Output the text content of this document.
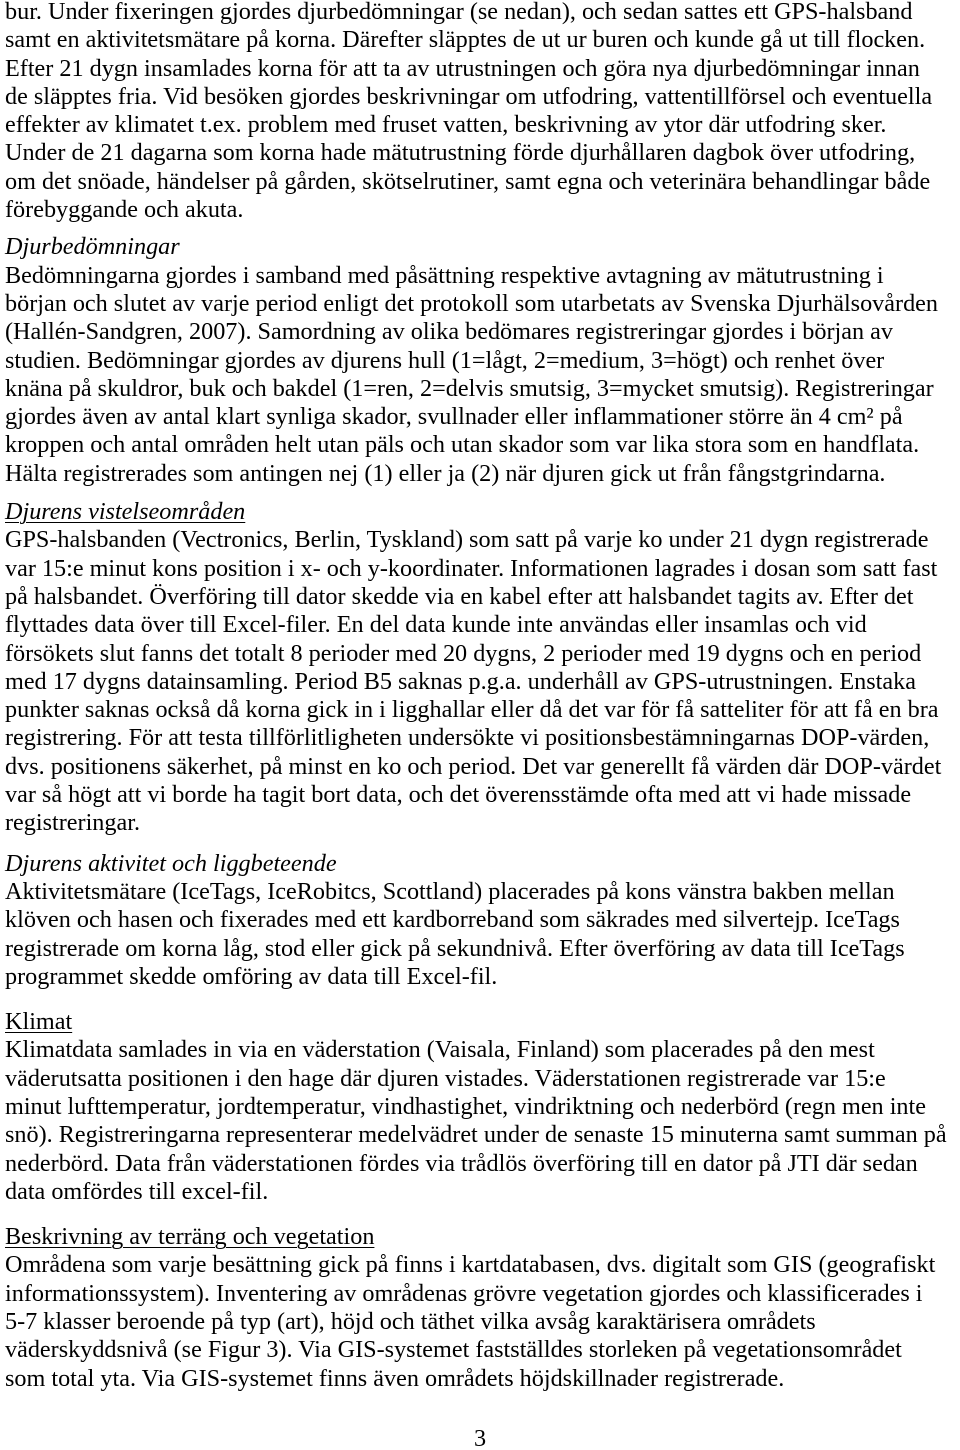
bur. Under fixeringen gjordes djurbedömningar (se nedan), och sedan sattes ett GPS-halsband
samt en aktivitetsmätare på korna. Därefter släpptes de ut ur buren och kunde gå ut till flocken.
Efter 21 dygn insamlades korna för att ta av utrustningen och göra nya djurbedömningar innan
de släpptes fria. Vid besöken gjordes beskrivningar om utfodring, vattentillförsel och eventuella
effekter av klimatet t.ex. problem med fruset vatten, beskrivning av ytor där utfodring sker.
Under de 21 dagarna som korna hade mätutrustning förde djurhållaren dagbok över utfodring,
om det snöade, händelser på gården, skötselrutiner, samt egna och veterinära behandlingar både
förebyggande och akuta.
Djurbedömningar
Bedömningarna gjordes i samband med påsättning respektive avtagning av mätutrustning i
början och slutet av varje period enligt det protokoll som utarbetats av Svenska Djurhälsovården
(Hallén-Sandgren, 2007). Samordning av olika bedömares registreringar gjordes i början av
studien. Bedömningar gjordes av djurens hull (1=lågt, 2=medium, 3=högt) och renhet över
knäna på skuldror, buk och bakdel (1=ren, 2=delvis smutsig, 3=mycket smutsig). Registreringar
gjordes även av antal klart synliga skador, svullnader eller inflammationer större än 4 cm² på
kroppen och antal områden helt utan päls och utan skador som var lika stora som en handflata.
Hälta registrerades som antingen nej (1) eller ja (2) när djuren gick ut från fångstgrindarna.
Djurens vistelseområden
GPS-halsbanden (Vectronics, Berlin, Tyskland) som satt på varje ko under 21 dygn registrerade
var 15:e minut kons position i x- och y-koordinater. Informationen lagrades i dosan som satt fast
på halsbandet. Överföring till dator skedde via en kabel efter att halsbandet tagits av. Efter det
flyttades data över till Excel-filer. En del data kunde inte användas eller insamlas och vid
försökets slut fanns det totalt 8 perioder med 20 dygns, 2 perioder med 19 dygns och en period
med 17 dygns datainsamling. Period B5 saknas p.g.a. underhåll av GPS-utrustningen. Enstaka
punkter saknas också då korna gick in i ligghallar eller då det var för få satteliter för att få en bra
registrering. För att testa tillförlitligheten undersökte vi positionsbestämningarnas DOP-värden,
dvs. positionens säkerhet, på minst en ko och period. Det var generellt få värden där DOP-värdet
var så högt att vi borde ha tagit bort data, och det överensstämde ofta med att vi hade missade
registreringar.
Djurens aktivitet och liggbeteende
Aktivitetsmätare (IceTags, IceRobitcs, Scottland) placerades på kons vänstra bakben mellan
klöven och hasen och fixerades med ett kardborreband som säkrades med silvertejp. IceTags
registrerade om korna låg, stod eller gick på sekundnivå. Efter överföring av data till IceTags
programmet skedde omföring av data till Excel-fil.
Klimat
Klimatdata samlades in via en väderstation (Vaisala, Finland) som placerades på den mest
väderutsatta positionen i den hage där djuren vistades. Väderstationen registrerade var 15:e
minut lufttemperatur, jordtemperatur, vindhastighet, vindriktning och nederbörd (regn men inte
snö). Registreringarna representerar medelvädret under de senaste 15 minuterna samt summan på
nederbörd. Data från väderstationen fördes via trådlös överföring till en dator på JTI där sedan
data omfördes till excel-fil.
Beskrivning av terräng och vegetation
Områdena som varje besättning gick på finns i kartdatabasen, dvs. digitalt som GIS (geografiskt
informationssystem). Inventering av områdenas grövre vegetation gjordes och klassificerades i
5-7 klasser beroende på typ (art), höjd och täthet vilka avsåg karaktärisera områdets
väderskyddsnivå (se Figur 3). Via GIS-systemet fastställdes storleken på vegetationsområdet
som total yta. Via GIS-systemet finns även områdets höjdskillnader registrerade.
3
